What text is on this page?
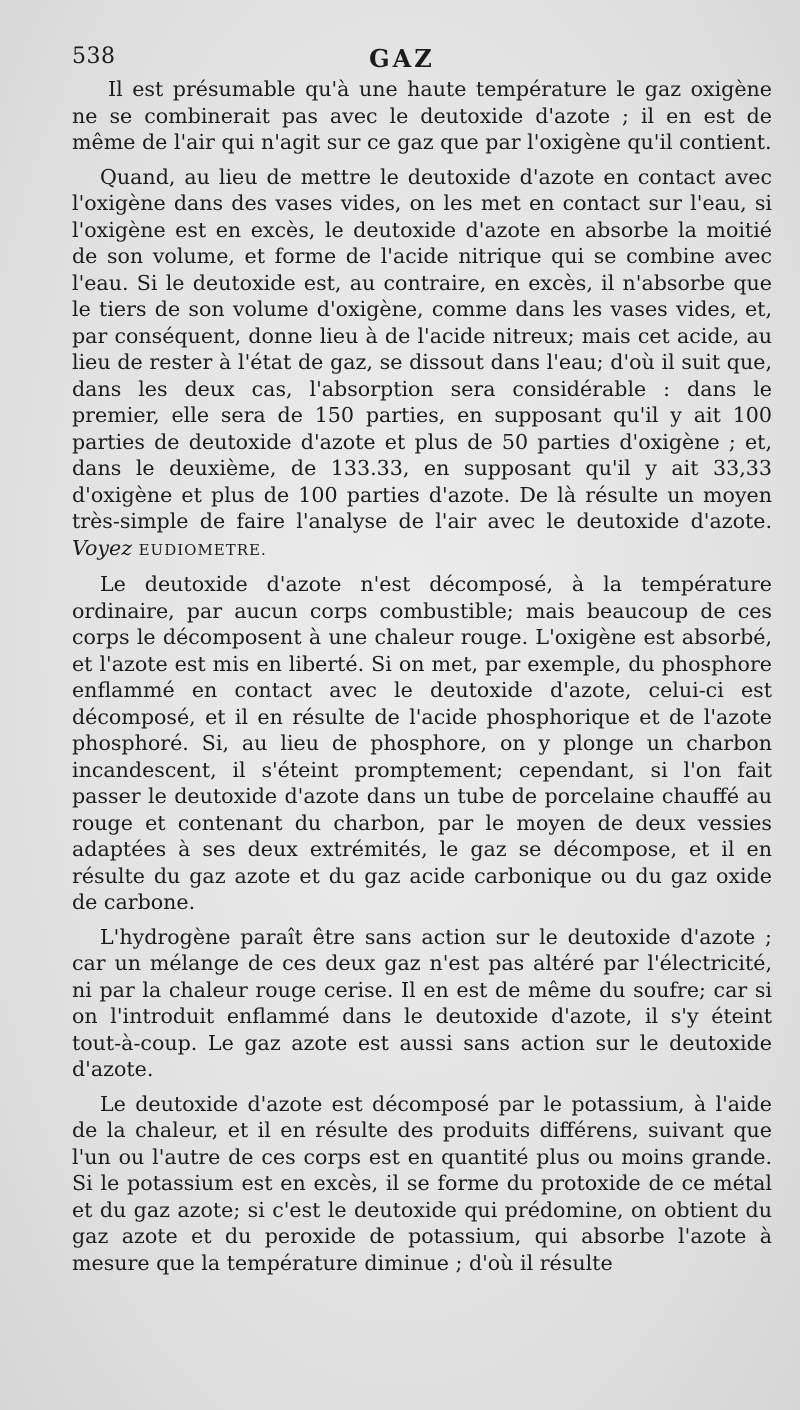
538	GAZ

Il est présumable qu'à une haute température le gaz oxigène ne se combinerait pas avec le deutoxide d'azote ; il en est de même de l'air qui n'agit sur ce gaz que par l'oxigène qu'il contient.

Quand, au lieu de mettre le deutoxide d'azote en contact avec l'oxigène dans des vases vides, on les met en contact sur l'eau, si l'oxigène est en excès, le deutoxide d'azote en absorbe la moitié de son volume, et forme de l'acide nitrique qui se combine avec l'eau. Si le deutoxide est, au contraire, en excès, il n'absorbe que le tiers de son volume d'oxigène, comme dans les vases vides, et, par conséquent, donne lieu à de l'acide nitreux; mais cet acide, au lieu de rester à l'état de gaz, se dissout dans l'eau; d'où il suit que, dans les deux cas, l'absorption sera considérable : dans le premier, elle sera de 150 parties, en supposant qu'il y ait 100 parties de deutoxide d'azote et plus de 50 parties d'oxigène ; et, dans le deuxième, de 133.33, en supposant qu'il y ait 33,33 d'oxigène et plus de 100 parties d'azote. De là résulte un moyen très-simple de faire l'analyse de l'air avec le deutoxide d'azote. Voyez EUDIOMETRE.

Le deutoxide d'azote n'est décomposé, à la température ordinaire, par aucun corps combustible; mais beaucoup de ces corps le décomposent à une chaleur rouge. L'oxigène est absorbé, et l'azote est mis en liberté. Si on met, par exemple, du phosphore enflammé en contact avec le deutoxide d'azote, celui-ci est décomposé, et il en résulte de l'acide phosphorique et de l'azote phosphoré. Si, au lieu de phosphore, on y plonge un charbon incandescent, il s'éteint promptement; cependant, si l'on fait passer le deutoxide d'azote dans un tube de porcelaine chauffé au rouge et contenant du charbon, par le moyen de deux vessies adaptées à ses deux extrémités, le gaz se décompose, et il en résulte du gaz azote et du gaz acide carbonique ou du gaz oxide de carbone.

L'hydrogène paraît être sans action sur le deutoxide d'azote ; car un mélange de ces deux gaz n'est pas altéré par l'électricité, ni par la chaleur rouge cerise. Il en est de même du soufre; car si on l'introduit enflammé dans le deutoxide d'azote, il s'y éteint tout-à-coup. Le gaz azote est aussi sans action sur le deutoxide d'azote.

Le deutoxide d'azote est décomposé par le potassium, à l'aide de la chaleur, et il en résulte des produits différens, suivant que l'un ou l'autre de ces corps est en quantité plus ou moins grande. Si le potassium est en excès, il se forme du protoxide de ce métal et du gaz azote; si c'est le deutoxide qui prédomine, on obtient du gaz azote et du peroxide de potassium, qui absorbe l'azote à mesure que la température diminue ; d'où il résulte
